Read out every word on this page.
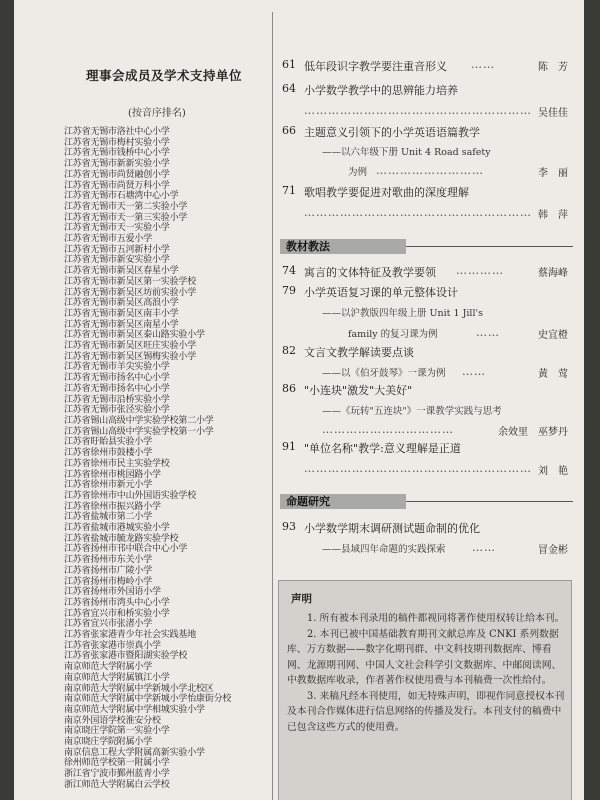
理事会成员及学术支持单位
(按音序排名)
江苏省无锡市洛社中心小学
江苏省无锡市梅村实验小学
江苏省无锡市钱桥中心小学
江苏省无锡市新新实验小学
江苏省无锡市尚贤融创小学
江苏省无锡市尚贤万科小学
江苏省无锡市石塘湾中心小学
江苏省无锡市天一第二实验小学
江苏省无锡市天一第三实验小学
江苏省无锡市天一实验小学
江苏省无锡市五爱小学
江苏省无锡市五河新村小学
江苏省无锡市新安实验小学
江苏省无锡市新吴区春星小学
江苏省无锡市新吴区第一实验学校
江苏省无锡市新吴区坊前实验小学
江苏省无锡市新吴区高浪小学
江苏省无锡市新吴区南丰小学
江苏省无锡市新吴区南星小学
江苏省无锡市新吴区泰山路实验小学
江苏省无锡市新吴区旺庄实验小学
江苏省无锡市新吴区锡梅实验小学
江苏省无锡市羊尖实验小学
江苏省无锡市扬名中心小学
江苏省无锡市扬名中心小学
江苏省无锡市沿桥实验小学
江苏省无锡市张泾实验小学
江苏省锡山高级中学实验学校第二小学
江苏省锡山高级中学实验学校第一小学
江苏省盱眙县实验小学
江苏省徐州市鼓楼小学
江苏省徐州市民主实验学校
江苏省徐州市桃园路小学
江苏省徐州市新元小学
江苏省徐州市中山外国语实验学校
江苏省徐州市振兴路小学
江苏省盐城市第二小学
江苏省盐城市港城实验小学
江苏省盐城市毓龙路实验学校
江苏省扬州市邗中联合中心小学
江苏省扬州市东关小学
江苏省扬州市广陵小学
江苏省扬州市梅岭小学
江苏省扬州市外国语小学
江苏省扬州市湾头中心小学
江苏省宜兴市和桥实验小学
江苏省宜兴市张渚小学
江苏省张家港青少年社会实践基地
江苏省张家港市崇真小学
江苏省张家港市暨阳湖实验学校
南京师范大学附属小学
南京师范大学附属镇江小学
南京师范大学附属中学新城小学北校区
南京师范大学附属中学新城小学怡康街分校
南京师范大学附属中学相城实验小学
南京外国语学校淮安分校
南京晓庄学院第一实验小学
南京晓庄学院附属小学
南京信息工程大学附属高新实验小学
徐州师范学校第一附属小学
浙江省宁波市鄞州蓝青小学
浙江师范大学附属白云学校
61 低年段识字教学要注重音形义 ……	陈　芳
64 小学数学教学中的思辨能力培养
………………………………………………… 吴佳佳
66 主题意义引领下的小学英语语篇教学
——以六年级下册 Unit 4 Road safety
为例 ………………………	李　丽
71 歌唱教学要促进对歌曲的深度理解
………………………………………………… 韩　萍
教材教法
74 寓言的文体特征及教学要领 …………	蔡海峰
79 小学英语复习课的单元整体设计
——以沪教版四年级上册 Unit 1 Jill's
family 的复习课为例	……	史宜橙
82 文言文教学解读要点谈
——以《伯牙鼓琴》一课为例 ……	黄　莺
86 "小连块"激发"大美好"
——《玩转"五连块"》一课教学实践与思考
……………………………	余效里　巫梦丹
91 "单位名称"教学:意义理解是正道
………………………………………………… 刘　艳
命题研究
93 小学数学期末调研测试题命制的优化
——县域四年命题的实践探索 ……	冒金彬
声明

1. 所有被本刊录用的稿件都视同将著作使用权转让给本刊。

2. 本刊已被中国基础教育期刊文献总库及 CNKI 系列数据库、万方数据——数字化期刊群、中文科技期刊数据库、博看网、龙源期刊网、中国人文社会科学引文数据库、中邮阅读网、中教数据库收录，作者著作权使用费与本刊稿费一次性给付。

3. 来稿凡经本刊使用，如无特殊声明，即视作同意授权本刊及本刊合作媒体进行信息网络的传播及发行。本刊支付的稿费中已包含这些方式的使用费。
